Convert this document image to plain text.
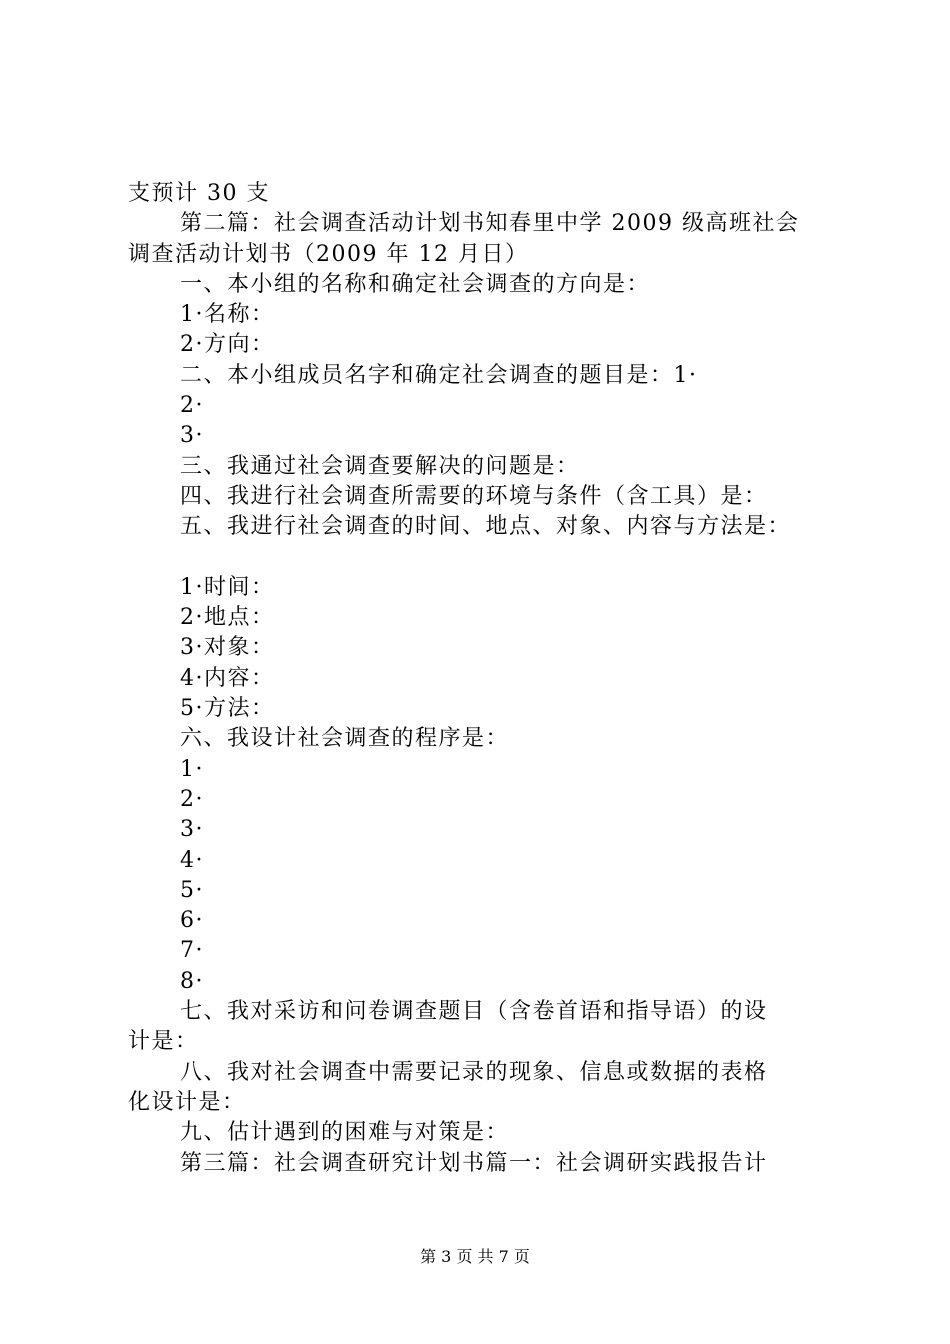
支预计 30 支
第二篇：社会调查活动计划书知春里中学 2009 级高班社会
调查活动计划书（2009 年 12 月日）
一、本小组的名称和确定社会调查的方向是：
1·名称：
2·方向：
二、本小组成员名字和确定社会调查的题目是：1·
2·
3·
三、我通过社会调查要解决的问题是：
四、我进行社会调查所需要的环境与条件（含工具）是：
五、我进行社会调查的时间、地点、对象、内容与方法是：
1·时间：
2·地点：
3·对象：
4·内容：
5·方法：
六、我设计社会调查的程序是：
1·
2·
3·
4·
5·
6·
7·
8·
七、我对采访和问卷调查题目（含卷首语和指导语）的设
计是：
八、我对社会调查中需要记录的现象、信息或数据的表格
化设计是：
九、估计遇到的困难与对策是：
第三篇：社会调查研究计划书篇一：社会调研实践报告计
第 3 页 共 7 页
